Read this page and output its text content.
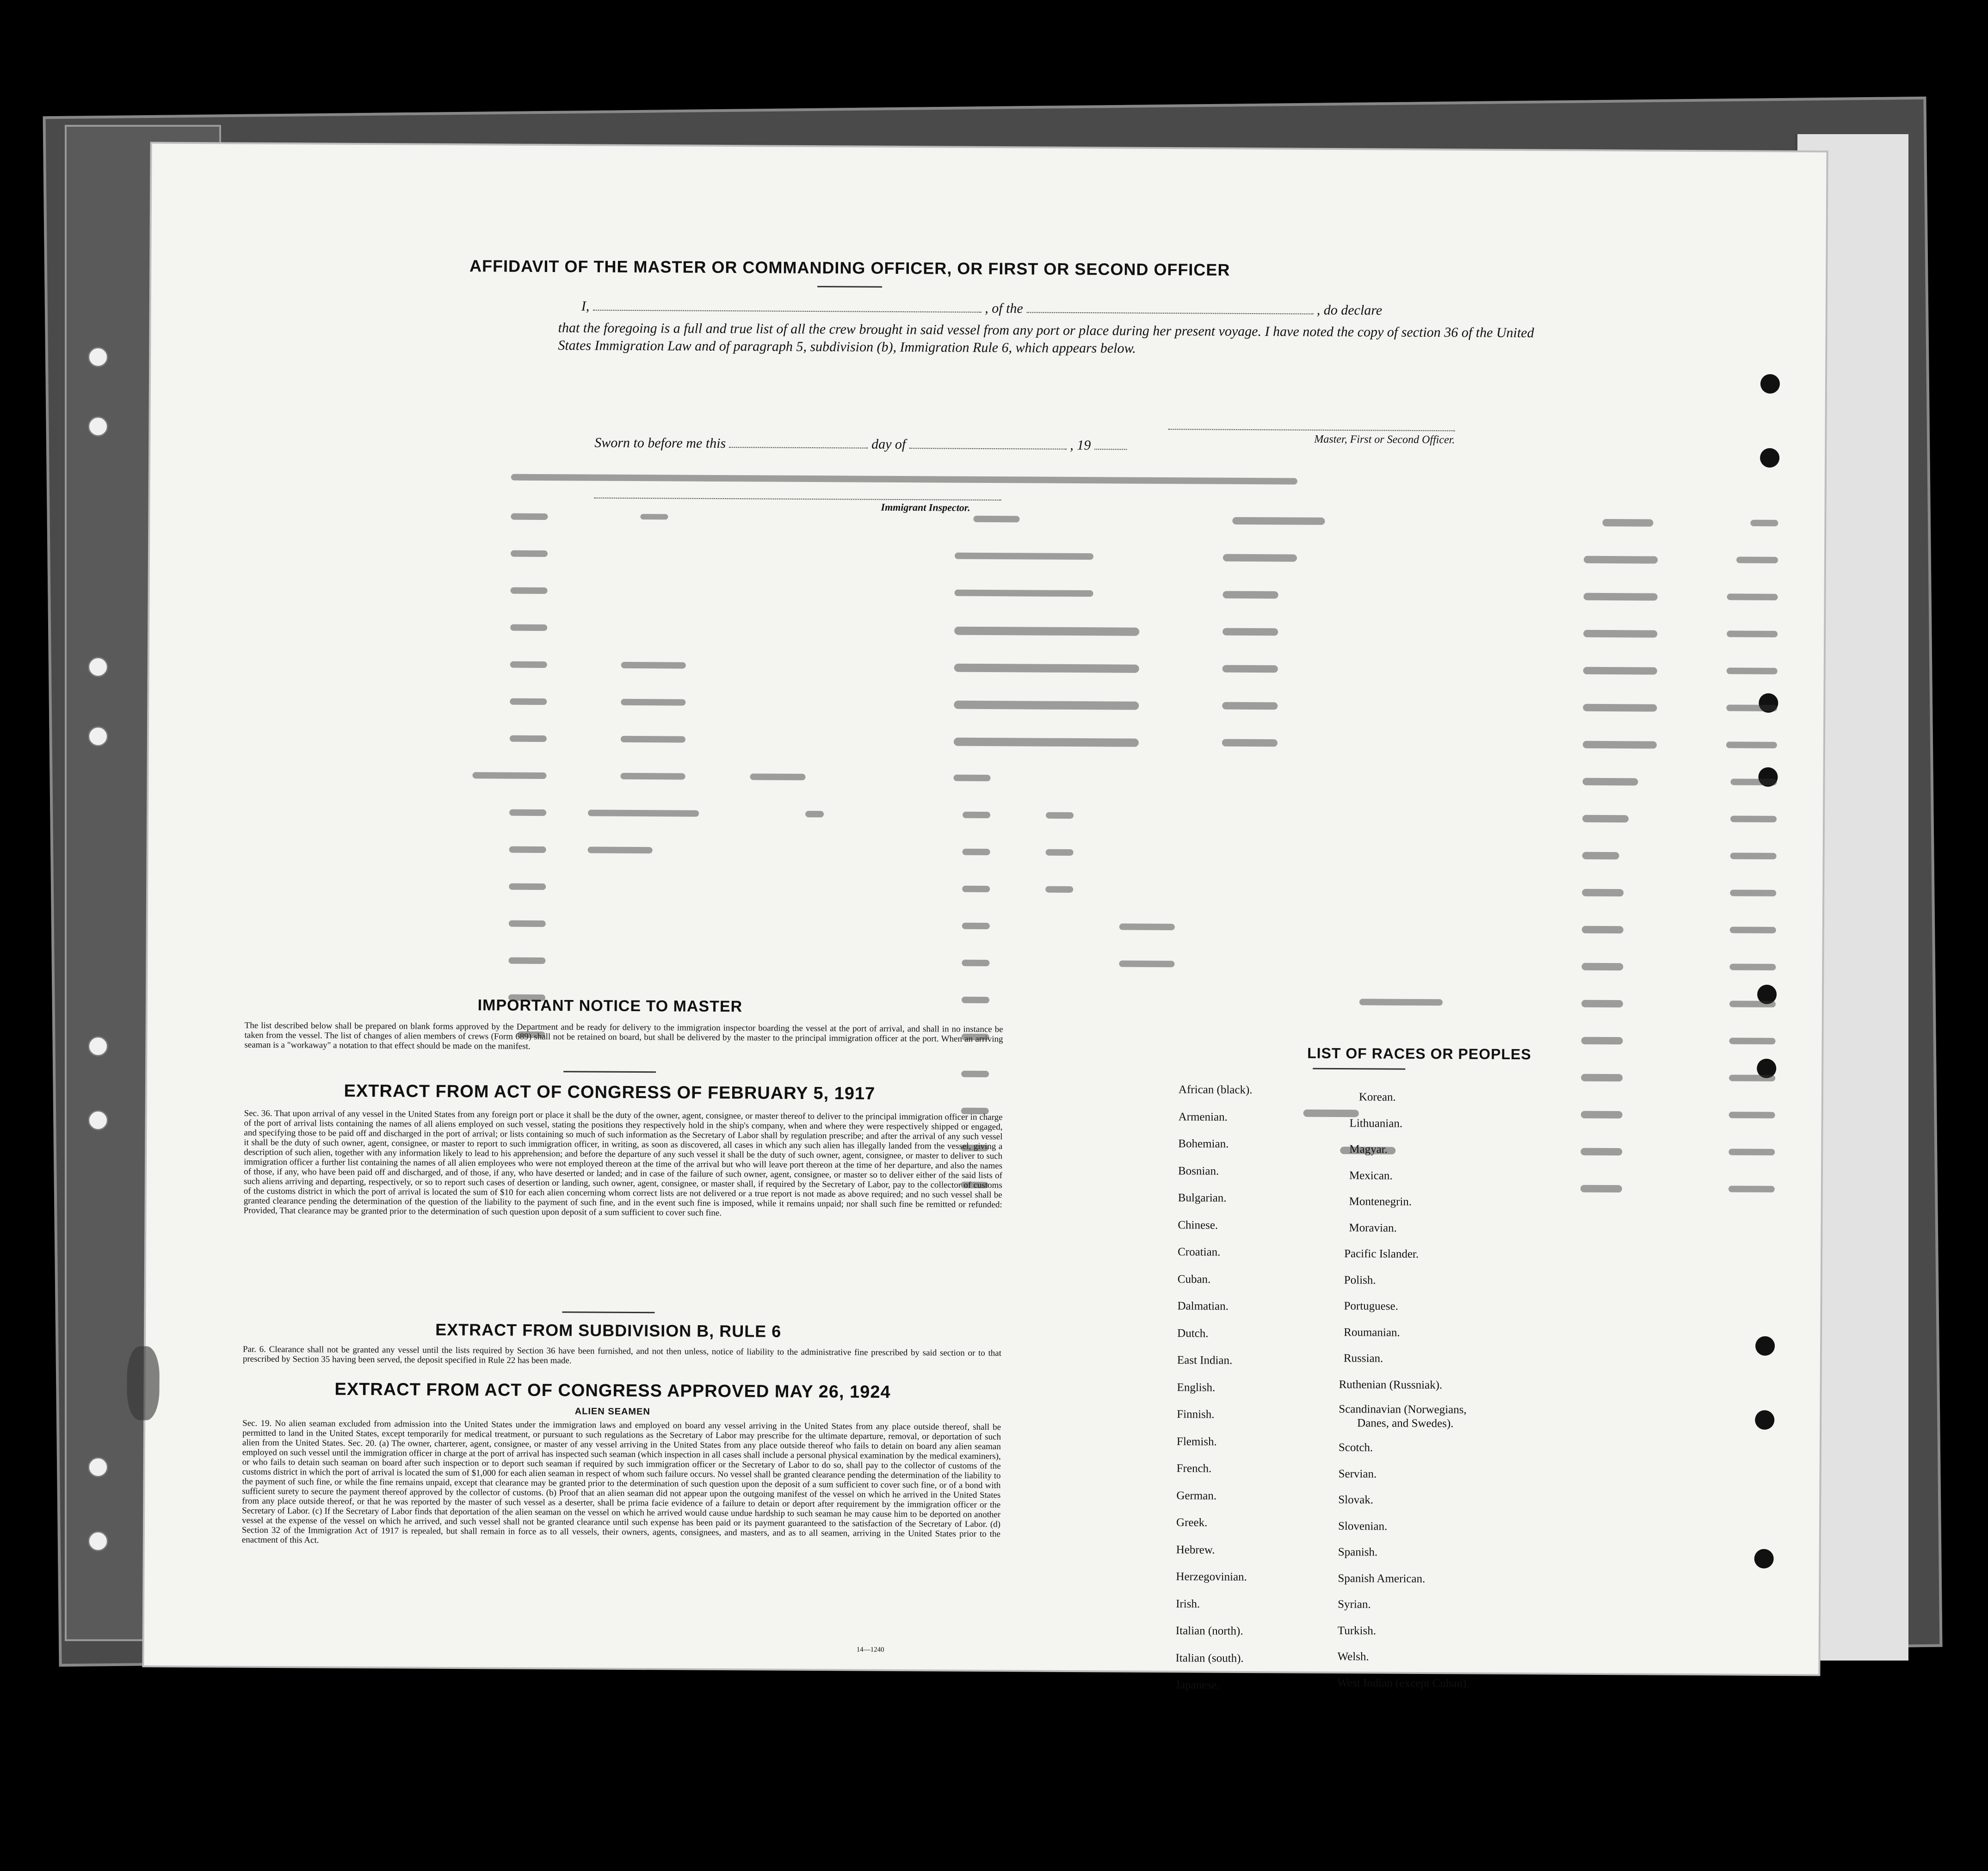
AFFIDAVIT OF THE MASTER OR COMMANDING OFFICER, OR FIRST OR SECOND OFFICER
I,	, of the	, do declare
that the foregoing is a full and true list of all the crew brought in said vessel from any port or place during her present voyage. I have noted the copy of section 36 of the United States Immigration Law and of paragraph 5, subdivision (b), Immigration Rule 6, which appears below.
Master, First or Second Officer.
Sworn to before me this	day of	, 19
Immigrant Inspector.
IMPORTANT NOTICE TO MASTER
The list described below shall be prepared on blank forms approved by the Department and be ready for delivery to the immigration inspector boarding the vessel at the port of arrival, and shall in no instance be taken from the vessel. The list of changes of alien members of crews (Form 689) shall not be retained on board, but shall be delivered by the master to the principal immigration officer at the port. When an arriving seaman is a "workaway" a notation to that effect should be made on the manifest.
EXTRACT FROM ACT OF CONGRESS OF FEBRUARY 5, 1917
Sec. 36. That upon arrival of any vessel in the United States from any foreign port or place it shall be the duty of the owner, agent, consignee, or master thereof to deliver to the principal immigration officer in charge of the port of arrival lists containing the names of all aliens employed on such vessel, stating the positions they respectively hold in the ship's company, when and where they were respectively shipped or engaged, and specifying those to be paid off and discharged in the port of arrival; or lists containing so much of such information as the Secretary of Labor shall by regulation prescribe; and after the arrival of any such vessel it shall be the duty of such owner, agent, consignee, or master to report to such immigration officer, in writing, as soon as discovered, all cases in which any such alien has illegally landed from the vessel, giving a description of such alien, together with any information likely to lead to his apprehension; and before the departure of any such vessel it shall be the duty of such owner, agent, consignee, or master to deliver to such immigration officer a further list containing the names of all alien employees who were not employed thereon at the time of the arrival but who will leave port thereon at the time of her departure, and also the names of those, if any, who have been paid off and discharged, and of those, if any, who have deserted or landed; and in case of the failure of such owner, agent, consignee, or master so to deliver either of the said lists of such aliens arriving and departing, respectively, or so to report such cases of desertion or landing, such owner, agent, consignee, or master shall, if required by the Secretary of Labor, pay to the collector of customs of the customs district in which the port of arrival is located the sum of $10 for each alien concerning whom correct lists are not delivered or a true report is not made as above required; and no such vessel shall be granted clearance pending the determination of the question of the liability to the payment of such fine, and in the event such fine is imposed, while it remains unpaid; nor shall such fine be remitted or refunded: Provided, That clearance may be granted prior to the determination of such question upon deposit of a sum sufficient to cover such fine.
EXTRACT FROM SUBDIVISION B, RULE 6
Par. 6. Clearance shall not be granted any vessel until the lists required by Section 36 have been furnished, and not then unless, notice of liability to the administrative fine prescribed by said section or to that prescribed by Section 35 having been served, the deposit specified in Rule 22 has been made.
EXTRACT FROM ACT OF CONGRESS APPROVED MAY 26, 1924
ALIEN SEAMEN
Sec. 19. No alien seaman excluded from admission into the United States under the immigration laws and employed on board any vessel arriving in the United States from any place outside thereof, shall be permitted to land in the United States, except temporarily for medical treatment, or pursuant to such regulations as the Secretary of Labor may prescribe for the ultimate departure, removal, or deportation of such alien from the United States. Sec. 20. (a) The owner, charterer, agent, consignee, or master of any vessel arriving in the United States from any place outside thereof who fails to detain on board any alien seaman employed on such vessel until the immigration officer in charge at the port of arrival has inspected such seaman (which inspection in all cases shall include a personal physical examination by the medical examiners), or who fails to detain such seaman on board after such inspection or to deport such seaman if required by such immigration officer or the Secretary of Labor to do so, shall pay to the collector of customs of the customs district in which the port of arrival is located the sum of $1,000 for each alien seaman in respect of whom such failure occurs. No vessel shall be granted clearance pending the determination of the liability to the payment of such fine, or while the fine remains unpaid, except that clearance may be granted prior to the determination of such question upon the deposit of a sum sufficient to cover such fine, or of a bond with sufficient surety to secure the payment thereof approved by the collector of customs. (b) Proof that an alien seaman did not appear upon the outgoing manifest of the vessel on which he arrived in the United States from any place outside thereof, or that he was reported by the master of such vessel as a deserter, shall be prima facie evidence of a failure to detain or deport after requirement by the immigration officer or the Secretary of Labor. (c) If the Secretary of Labor finds that deportation of the alien seaman on the vessel on which he arrived would cause undue hardship to such seaman he may cause him to be deported on another vessel at the expense of the vessel on which he arrived, and such vessel shall not be granted clearance until such expense has been paid or its payment guaranteed to the satisfaction of the Secretary of Labor. (d) Section 32 of the Immigration Act of 1917 is repealed, but shall remain in force as to all vessels, their owners, agents, consignees, and masters, and as to all seamen, arriving in the United States prior to the enactment of this Act.
14—1240
LIST OF RACES OR PEOPLES
African (black).
Armenian.
Bohemian.
Bosnian.
Bulgarian.
Chinese.
Croatian.
Cuban.
Dalmatian.
Dutch.
East Indian.
English.
Finnish.
Flemish.
French.
German.
Greek.
Hebrew.
Herzegovinian.
Irish.
Italian (north).
Italian (south).
Japanese.
Korean.
Lithuanian.
Magyar.
Mexican.
Montenegrin.
Moravian.
Pacific Islander.
Polish.
Portuguese.
Roumanian.
Russian.
Ruthenian (Russniak).
Scandinavian (Norwegians,
Danes, and Swedes).
Scotch.
Servian.
Slovak.
Slovenian.
Spanish.
Spanish American.
Syrian.
Turkish.
Welsh.
West Indian (except Cuban).
